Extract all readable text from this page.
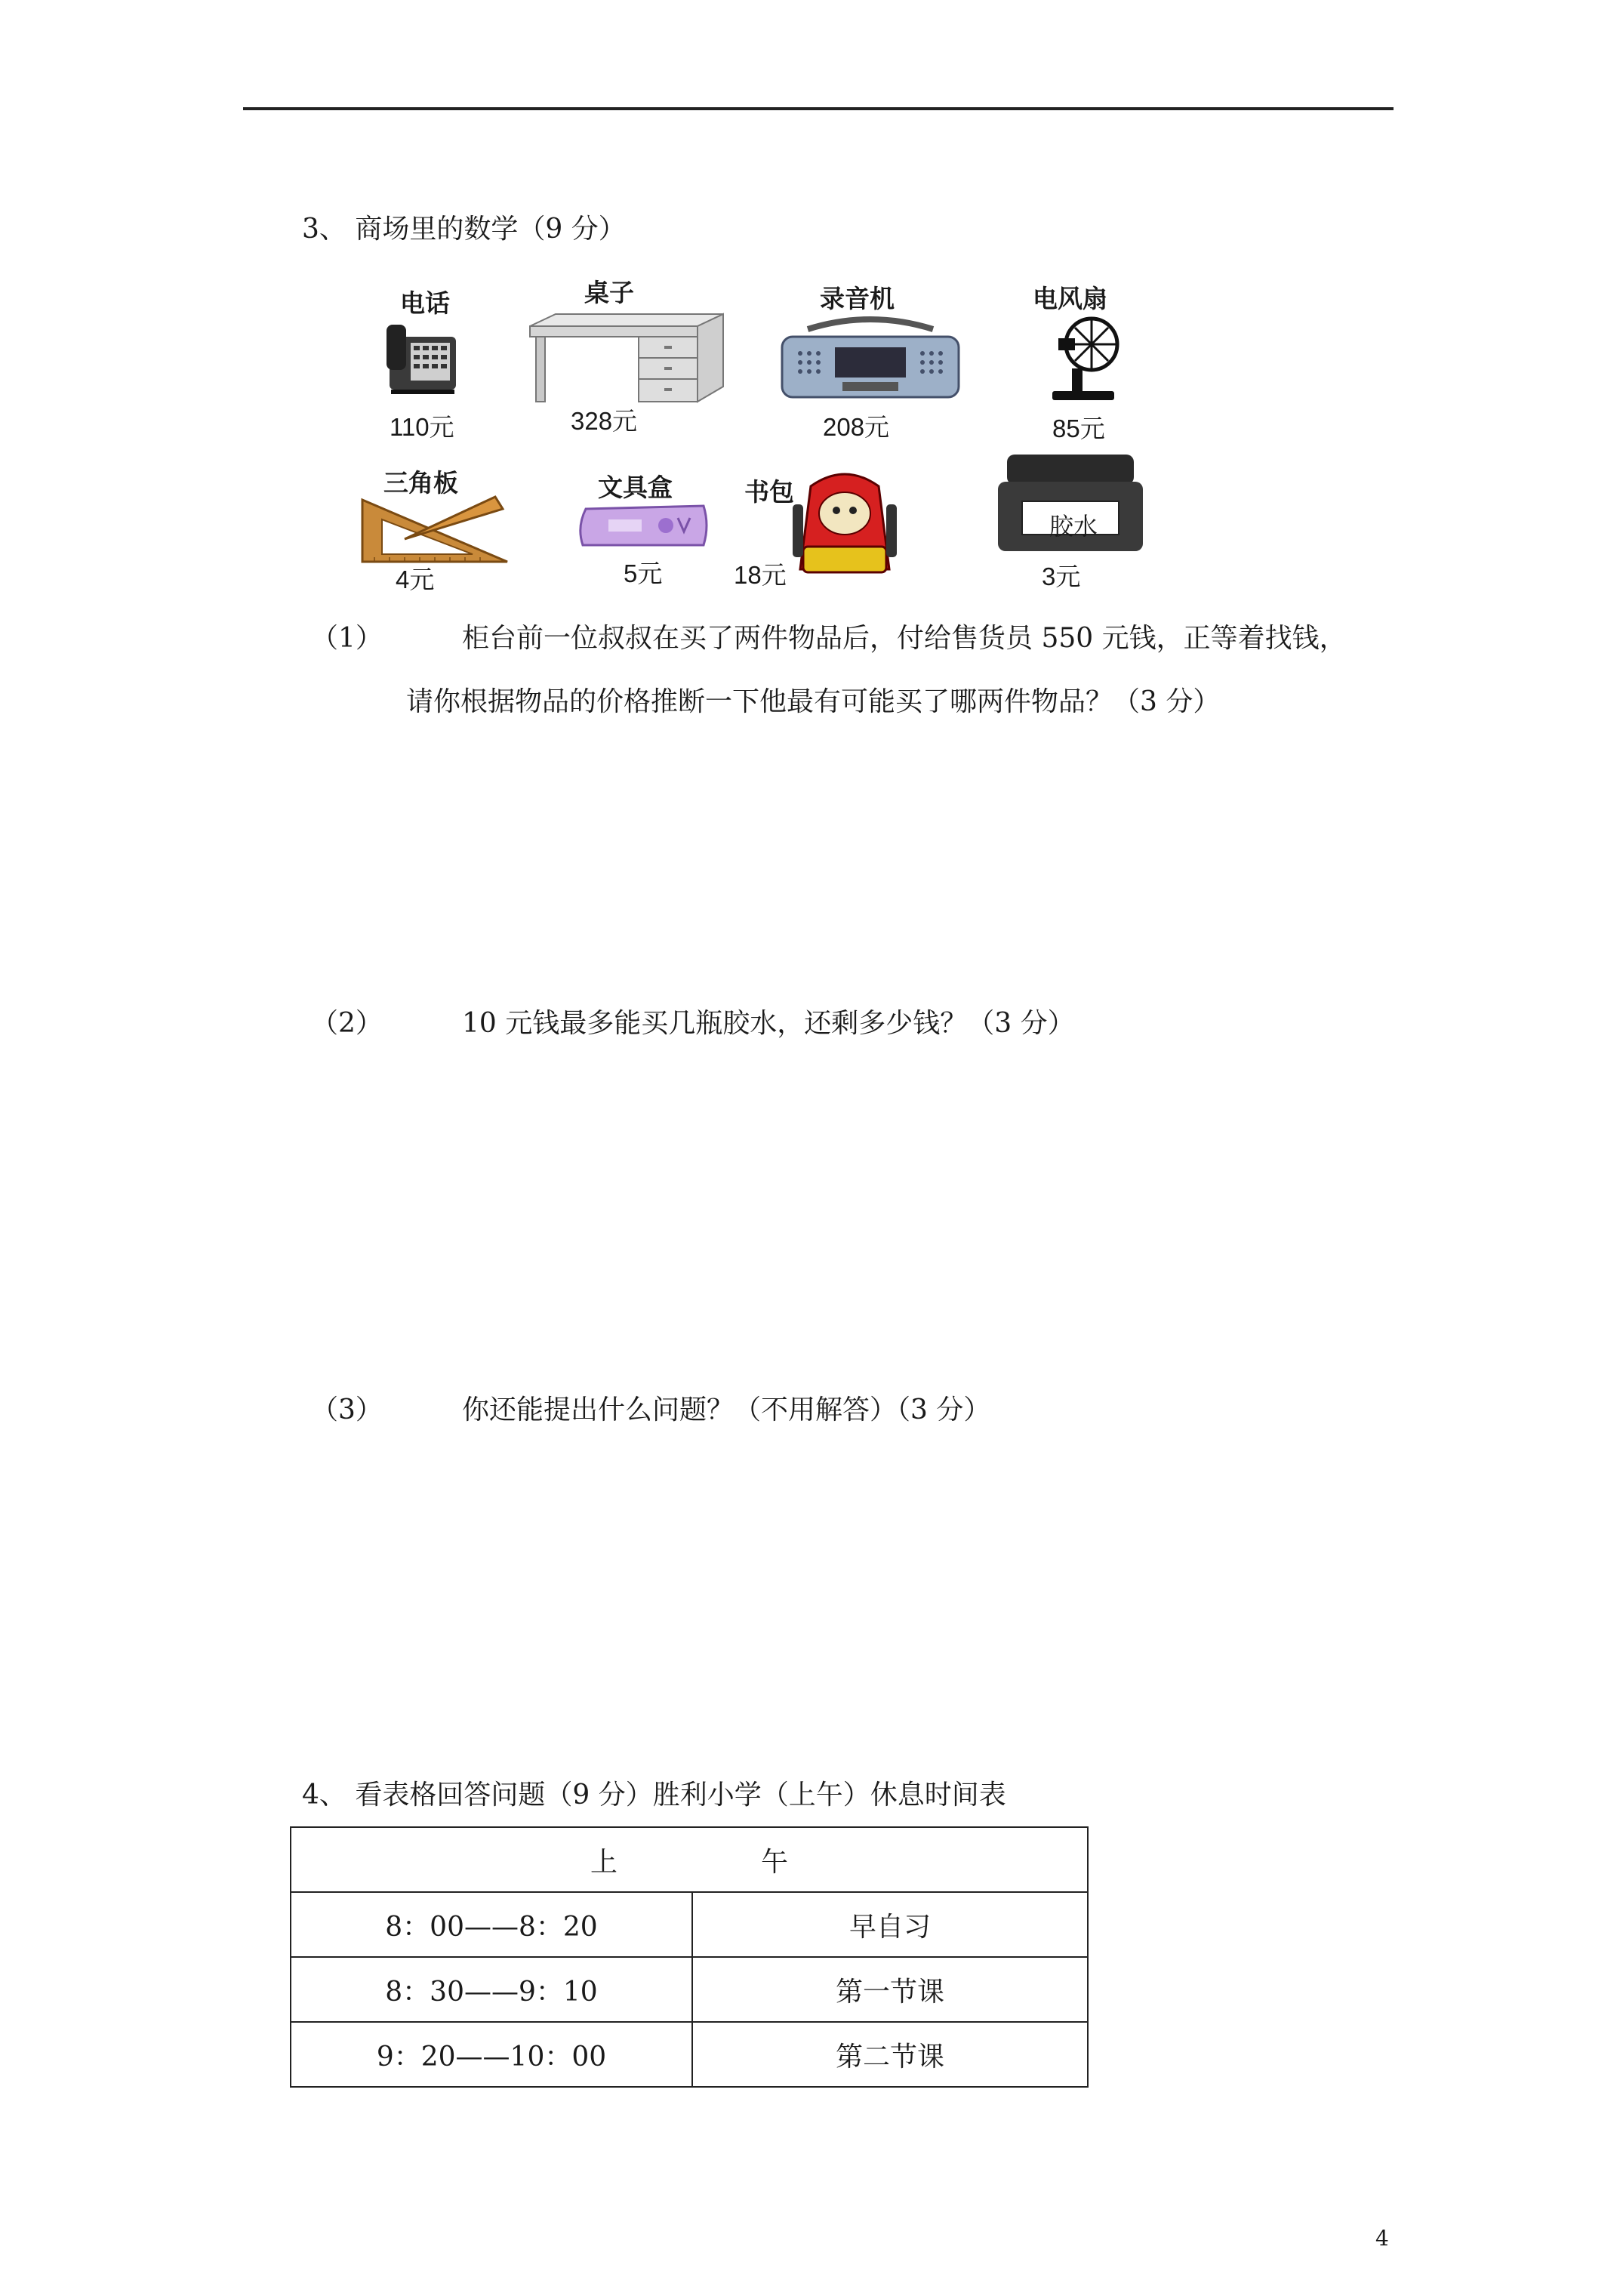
3、 商场里的数学（9 分）
电话
110元
桌子
328元
录音机
208元
电风扇
85元
三角板
4元
文具盒
5元
书包
18元
胶水
3元
（1）	柜台前一位叔叔在买了两件物品后，付给售货员 550 元钱，正等着找钱，
请你根据物品的价格推断一下他最有可能买了哪两件物品？（3 分）
（2）	10 元钱最多能买几瓶胶水，还剩多少钱？（3 分）
（3）	你还能提出什么问题？（不用解答）（3 分）
4、 看表格回答问题（9 分）胜利小学（上午）休息时间表
上 午	
8：00——8：20	早自习
8：30——9：10	第一节课
9：20——10：00	第二节课
4
